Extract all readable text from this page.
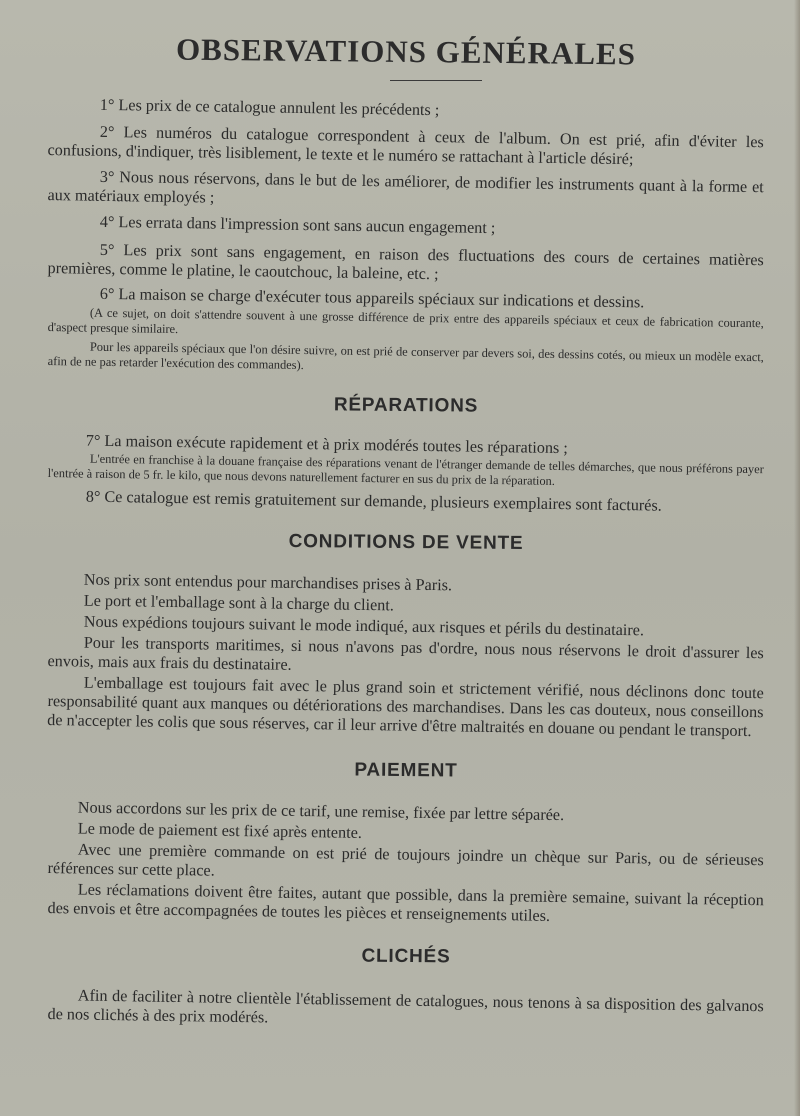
OBSERVATIONS GÉNÉRALES

1° Les prix de ce catalogue annulent les précédents ;

2° Les numéros du catalogue correspondent à ceux de l'album. On est prié, afin d'éviter les confusions, d'indiquer, très lisiblement, le texte et le numéro se rattachant à l'article désiré;

3° Nous nous réservons, dans le but de les améliorer, de modifier les instruments quant à la forme et aux matériaux employés ;

4° Les errata dans l'impression sont sans aucun engagement ;

5° Les prix sont sans engagement, en raison des fluctuations des cours de certaines matières premières, comme le platine, le caoutchouc, la baleine, etc. ;

6° La maison se charge d'exécuter tous appareils spéciaux sur indications et dessins.

(A ce sujet, on doit s'attendre souvent à une grosse différence de prix entre des appareils spéciaux et ceux de fabrication courante, d'aspect presque similaire.

Pour les appareils spéciaux que l'on désire suivre, on est prié de conserver par devers soi, des dessins cotés, ou mieux un modèle exact, afin de ne pas retarder l'exécution des commandes).

RÉPARATIONS

7° La maison exécute rapidement et à prix modérés toutes les réparations ;

L'entrée en franchise à la douane française des réparations venant de l'étranger demande de telles démarches, que nous préférons payer l'entrée à raison de 5 fr. le kilo, que nous devons naturellement facturer en sus du prix de la réparation.

8° Ce catalogue est remis gratuitement sur demande, plusieurs exemplaires sont facturés.

CONDITIONS DE VENTE

Nos prix sont entendus pour marchandises prises à Paris.

Le port et l'emballage sont à la charge du client.

Nous expédions toujours suivant le mode indiqué, aux risques et périls du destinataire.

Pour les transports maritimes, si nous n'avons pas d'ordre, nous nous réservons le droit d'assurer les envois, mais aux frais du destinataire.

L'emballage est toujours fait avec le plus grand soin et strictement vérifié, nous déclinons donc toute responsabilité quant aux manques ou détériorations des marchandises. Dans les cas douteux, nous conseillons de n'accepter les colis que sous réserves, car il leur arrive d'être maltraités en douane ou pendant le transport.

PAIEMENT

Nous accordons sur les prix de ce tarif, une remise, fixée par lettre séparée.

Le mode de paiement est fixé après entente.

Avec une première commande on est prié de toujours joindre un chèque sur Paris, ou de sérieuses références sur cette place.

Les réclamations doivent être faites, autant que possible, dans la première semaine, suivant la réception des envois et être accompagnées de toutes les pièces et renseignements utiles.

CLICHÉS

Afin de faciliter à notre clientèle l'établissement de catalogues, nous tenons à sa disposition des galvanos de nos clichés à des prix modérés.
